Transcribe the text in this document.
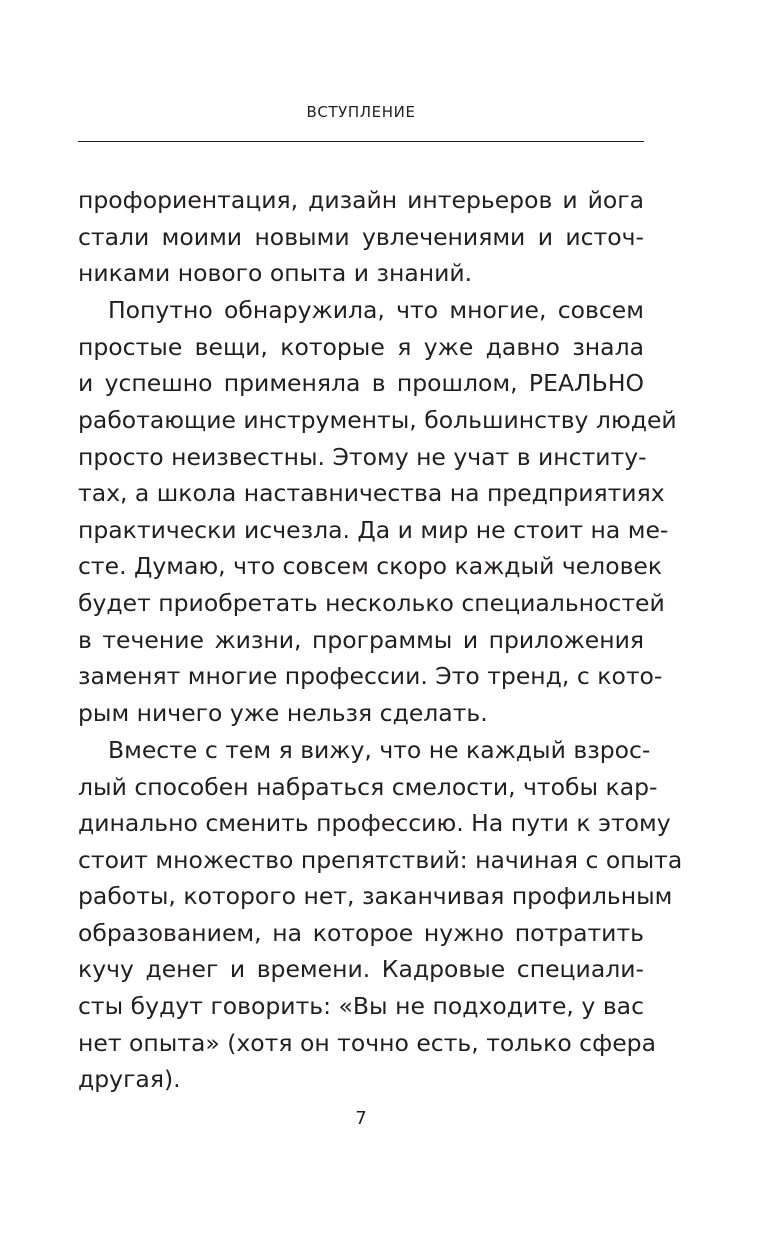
ВСТУПЛЕНИЕ
профориентация, дизайн интерьеров и йога
стали моими новыми увлечениями и источ-
никами нового опыта и знаний.
Попутно обнаружила, что многие, совсем
простые вещи, которые я уже давно знала
и успешно применяла в прошлом, РЕАЛЬНО
работающие инструменты, большинству людей
просто неизвестны. Этому не учат в институ-
тах, а школа наставничества на предприятиях
практически исчезла. Да и мир не стоит на ме-
сте. Думаю, что совсем скоро каждый человек
будет приобретать несколько специальностей
в течение жизни, программы и приложения
заменят многие профессии. Это тренд, с кото-
рым ничего уже нельзя сделать.
Вместе с тем я вижу, что не каждый взрос-
лый способен набраться смелости, чтобы кар-
динально сменить профессию. На пути к этому
стоит множество препятствий: начиная с опыта
работы, которого нет, заканчивая профильным
образованием, на которое нужно потратить
кучу денег и времени. Кадровые специали-
сты будут говорить: «Вы не подходите, у вас
нет опыта» (хотя он точно есть, только сфера
другая).
7
